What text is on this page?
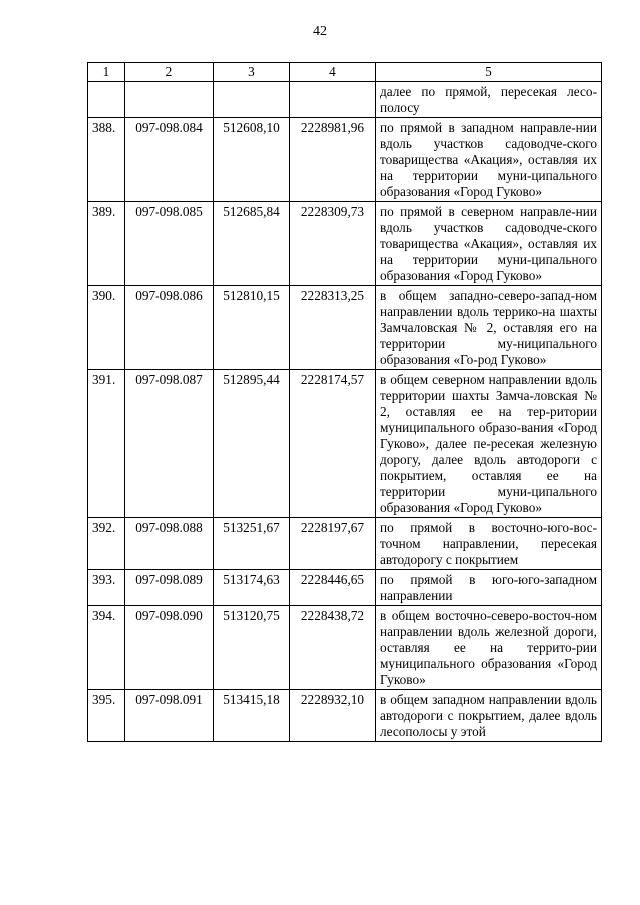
42
1	2	3	4	5
				далее по прямой, пересекая лесо-полосу
388.	097-098.084	512608,10	2228981,96	по прямой в западном направле-нии вдоль участков садоводче-ского товарищества «Акация», оставляя их на территории муни-ципального образования «Город Гуково»
389.	097-098.085	512685,84	2228309,73	по прямой в северном направле-нии вдоль участков садоводче-ского товарищества «Акация», оставляя их на территории муни-ципального образования «Город Гуково»
390.	097-098.086	512810,15	2228313,25	в общем западно-северо-запад-ном направлении вдоль террико-на шахты Замчаловская № 2, оставляя его на территории му-ниципального образования «Го-род Гуково»
391.	097-098.087	512895,44	2228174,57	в общем северном направлении вдоль территории шахты Замча-ловская № 2, оставляя ее на тер-ритории муниципального образо-вания «Город Гуково», далее пе-ресекая железную дорогу, далее вдоль автодороги с покрытием, оставляя ее на территории муни-ципального образования «Город Гуково»
392.	097-098.088	513251,67	2228197,67	по прямой в восточно-юго-вос-точном направлении, пересекая автодорогу с покрытием
393.	097-098.089	513174,63	2228446,65	по прямой в юго-юго-западном направлении
394.	097-098.090	513120,75	2228438,72	в общем восточно-северо-восточ-ном направлении вдоль железной дороги, оставляя ее на террито-рии муниципального образования «Город Гуково»
395.	097-098.091	513415,18	2228932,10	в общем западном направлении вдоль автодороги с покрытием, далее вдоль лесополосы у этой
